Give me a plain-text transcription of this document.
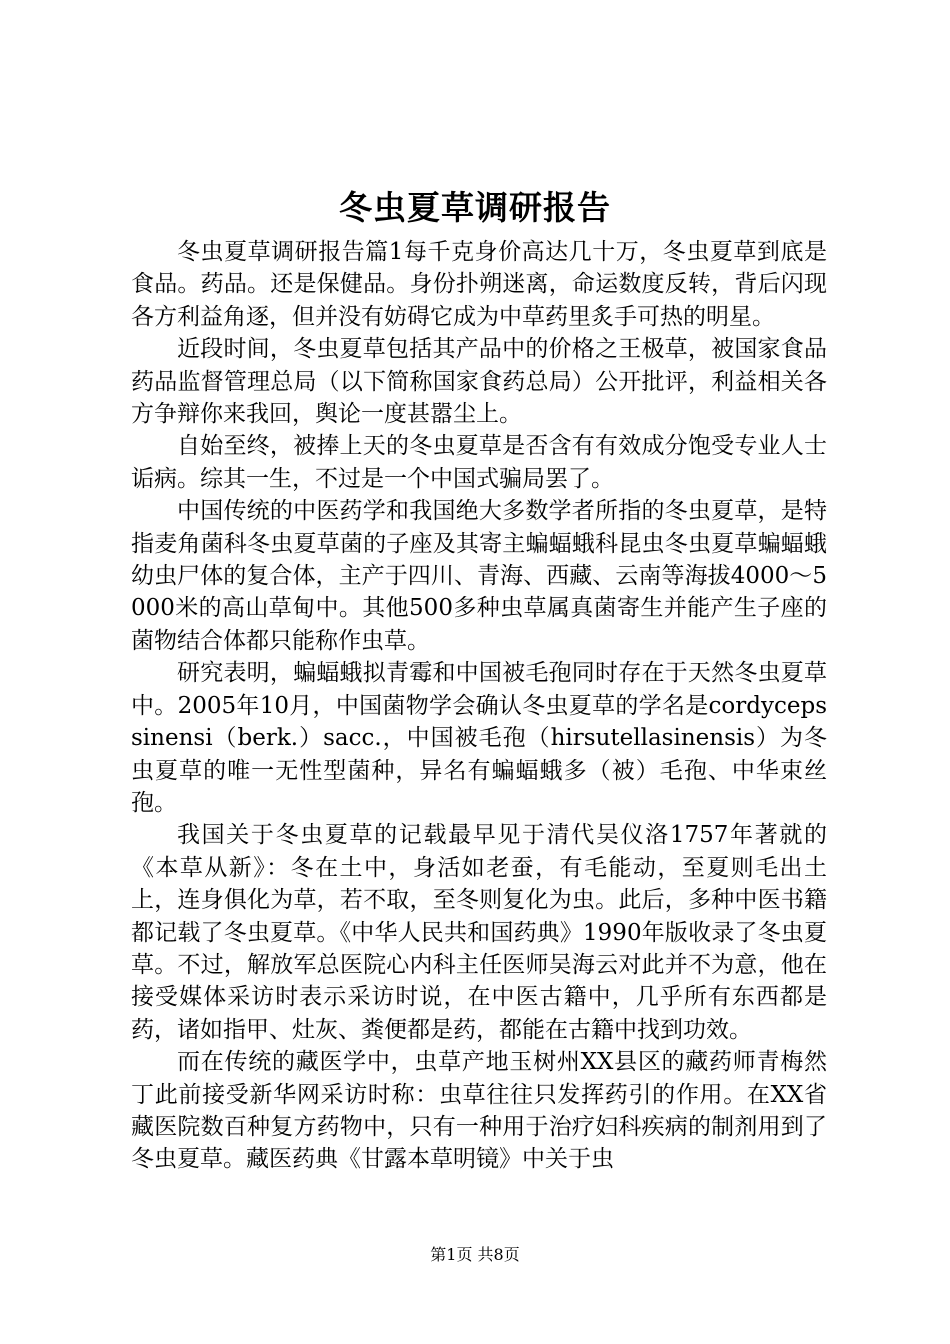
冬虫夏草调研报告

冬虫夏草调研报告篇1每千克身价高达几十万，冬虫夏草到底是食品。药品。还是保健品。身份扑朔迷离，命运数度反转，背后闪现各方利益角逐，但并没有妨碍它成为中草药里炙手可热的明星。

近段时间，冬虫夏草包括其产品中的价格之王极草，被国家食品药品监督管理总局（以下简称国家食药总局）公开批评，利益相关各方争辩你来我回，舆论一度甚嚣尘上。

自始至终，被捧上天的冬虫夏草是否含有有效成分饱受专业人士诟病。综其一生，不过是一个中国式骗局罢了。

中国传统的中医药学和我国绝大多数学者所指的冬虫夏草，是特指麦角菌科冬虫夏草菌的子座及其寄主蝙蝠蛾科昆虫冬虫夏草蝙蝠蛾幼虫尸体的复合体，主产于四川、青海、西藏、云南等海拔4000～5000米的高山草甸中。其他500多种虫草属真菌寄生并能产生子座的菌物结合体都只能称作虫草。

研究表明，蝙蝠蛾拟青霉和中国被毛孢同时存在于天然冬虫夏草中。2005年10月，中国菌物学会确认冬虫夏草的学名是cordycepssinensi（berk.）sacc.，中国被毛孢（hirsutellasinensis）为冬虫夏草的唯一无性型菌种，异名有蝙蝠蛾多（被）毛孢、中华束丝孢。

我国关于冬虫夏草的记载最早见于清代吴仪洛1757年著就的《本草从新》：冬在土中，身活如老蚕，有毛能动，至夏则毛出土上，连身俱化为草，若不取，至冬则复化为虫。此后，多种中医书籍都记载了冬虫夏草。《中华人民共和国药典》1990年版收录了冬虫夏草。不过，解放军总医院心内科主任医师吴海云对此并不为意，他在接受媒体采访时表示采访时说，在中医古籍中，几乎所有东西都是药，诸如指甲、灶灰、粪便都是药，都能在古籍中找到功效。

而在传统的藏医学中，虫草产地玉树州XX县区的藏药师青梅然丁此前接受新华网采访时称：虫草往往只发挥药引的作用。在XX省藏医院数百种复方药物中，只有一种用于治疗妇科疾病的制剂用到了冬虫夏草。藏医药典《甘露本草明镜》中关于虫

第1页 共8页
